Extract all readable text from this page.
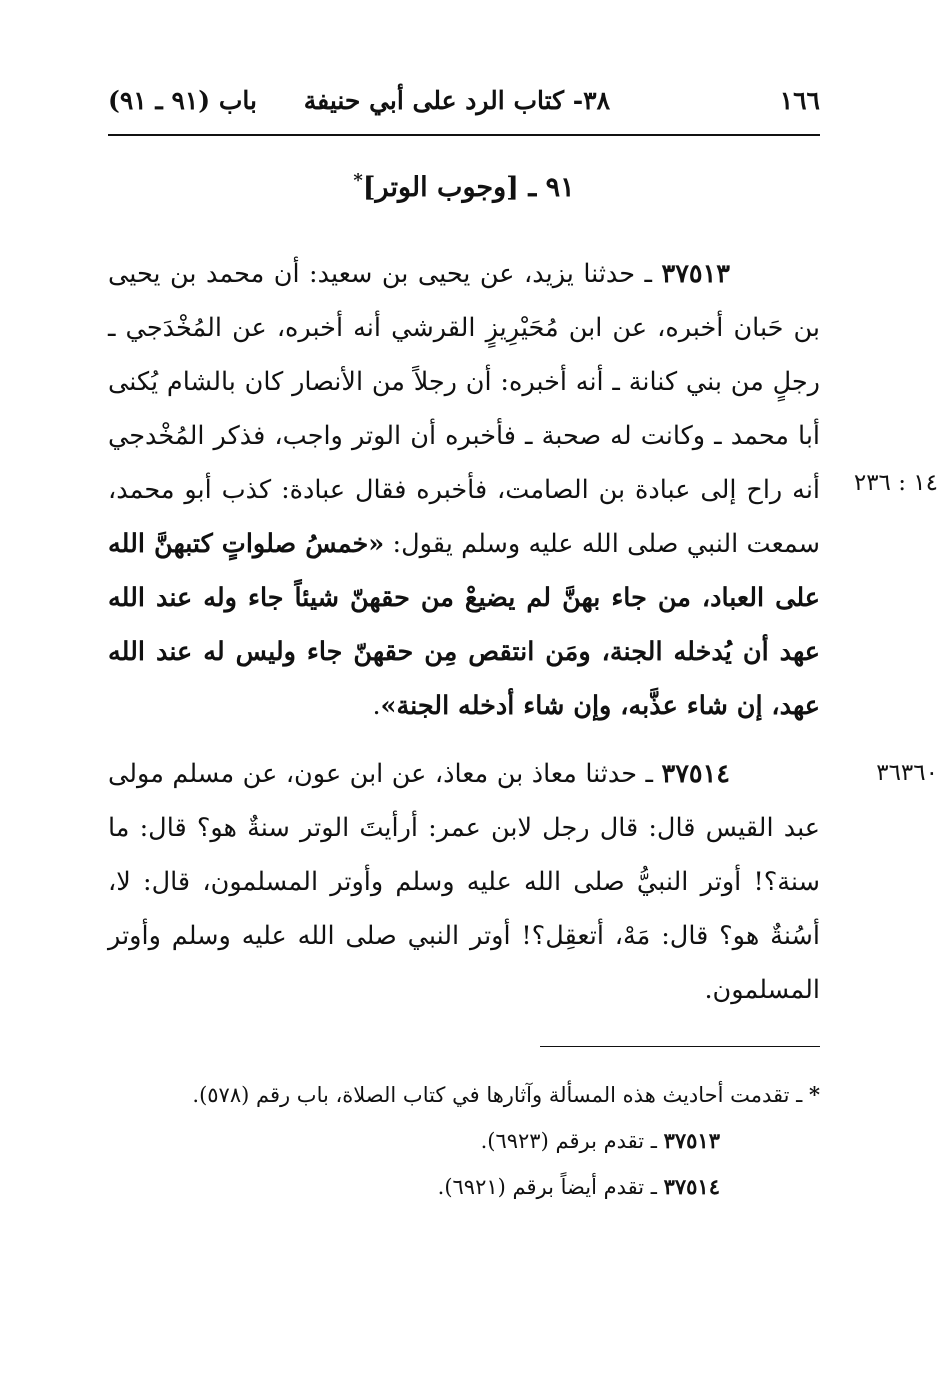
١٦٦
٣٨- كتاب الرد على أبي حنيفة
باب (٩١ ـ ٩١)
٩١ ـ [وجوب الوتر]*
١٤ : ٢٣٦
٣٧٥١٣ ـ حدثنا يزيد، عن يحيى بن سعيد: أن محمد بن يحيى بن حَبان أخبره، عن ابن مُحَيْرِيزٍ القرشي أنه أخبره، عن المُخْدَجي ـ رجلٍ من بني كنانة ـ أنه أخبره: أن رجلاً من الأنصار كان بالشام يُكنى أبا محمد ـ وكانت له صحبة ـ فأخبره أن الوتر واجب، فذكر المُخْدجي أنه راح إلى عبادة بن الصامت، فأخبره فقال عبادة: كذب أبو محمد، سمعت النبي صلى الله عليه وسلم يقول: «خمسُ صلواتٍ كتبهنَّ الله على العباد، من جاء بهنَّ لم يضيعْ من حقهنّ شيئاً جاء وله عند الله عهد أن يُدخله الجنة، ومَن انتقص مِن حقهنّ جاء وليس له عند الله عهد، إن شاء عذَّبه، وإن شاء أدخله الجنة».
٣٦٣٦٠
٣٧٥١٤ ـ حدثنا معاذ بن معاذ، عن ابن عون، عن مسلم مولى عبد القيس قال: قال رجل لابن عمر: أرأيتَ الوتر سنةٌ هو؟ قال: ما سنة؟! أوتر النبيُّ صلى الله عليه وسلم وأوتر المسلمون، قال: لا، أسُنةٌ هو؟ قال: مَهْ، أتعقِل؟! أوتر النبي صلى الله عليه وسلم وأوتر المسلمون.

* ـ تقدمت أحاديث هذه المسألة وآثارها في كتاب الصلاة، باب رقم (٥٧٨).

٣٧٥١٣ ـ تقدم برقم (٦٩٢٣).

٣٧٥١٤ ـ تقدم أيضاً برقم (٦٩٢١).
